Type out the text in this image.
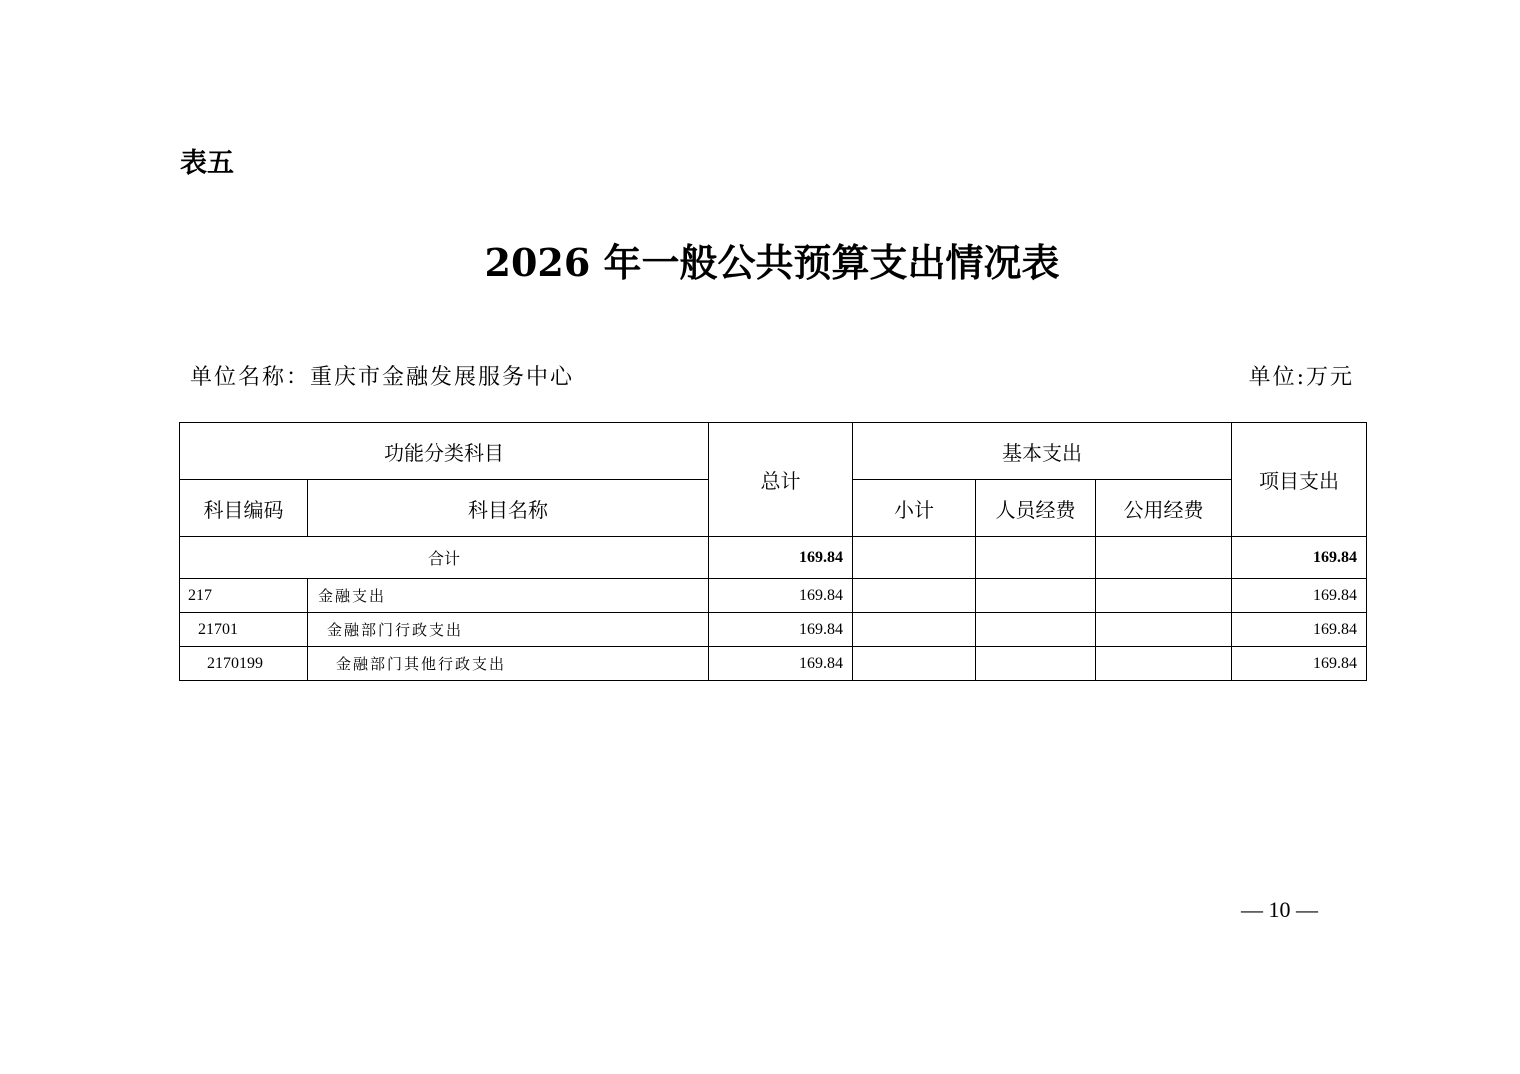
表五
2026 年一般公共预算支出情况表
单位名称：重庆市金融发展服务中心	单位:万元
功能分类科目		总计	基本支出			项目支出
科目编码	科目名称		小计	人员经费	公用经费	
合计		169.84				169.84
217	金融支出	169.84				169.84
21701	金融部门行政支出	169.84				169.84
2170199	金融部门其他行政支出	169.84				169.84
— 10 —
